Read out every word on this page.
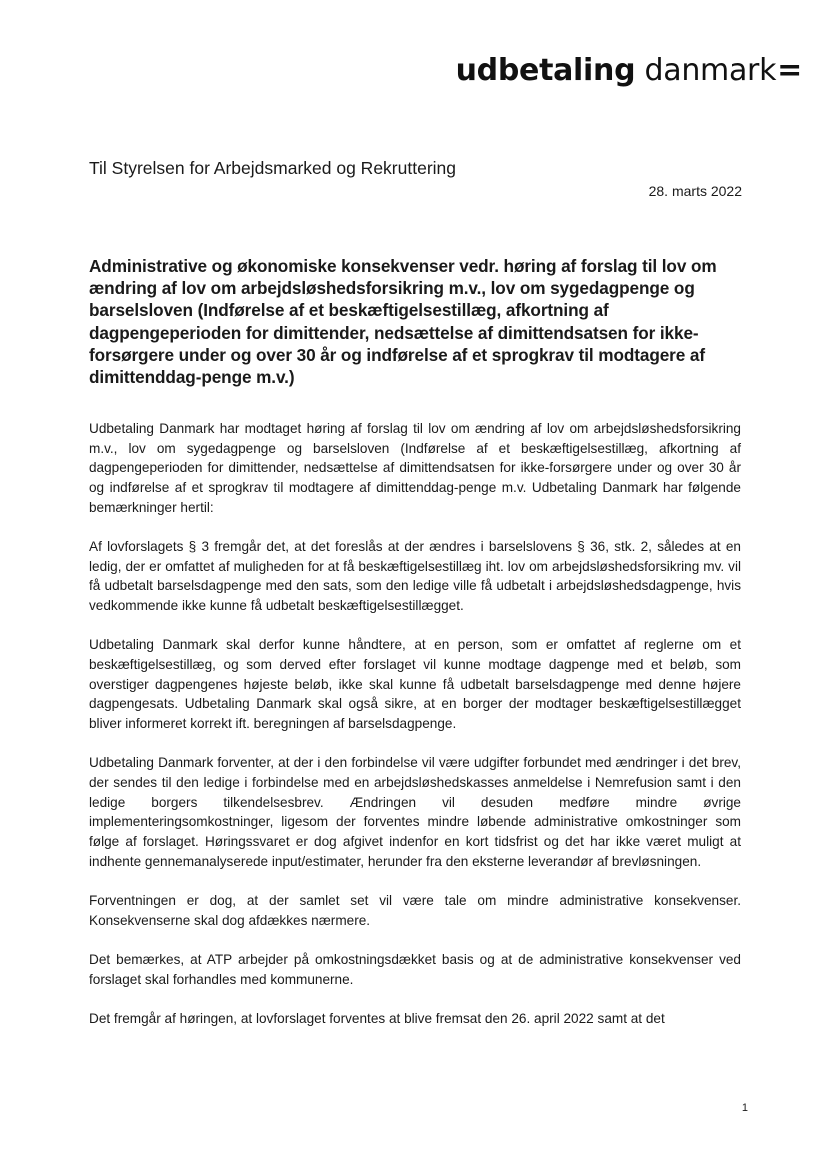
udbetaling danmark=
Til Styrelsen for Arbejdsmarked og Rekruttering
28. marts 2022
Administrative og økonomiske konsekvenser vedr. høring af forslag til lov om ændring af lov om arbejdsløshedsforsikring m.v., lov om sygedagpenge og barselsloven (Indførelse af et beskæftigelsestillæg, afkortning af dagpengeperioden for dimittender, nedsættelse af dimittendsatsen for ikke-forsørgere under og over 30 år og indførelse af et sprogkrav til modtagere af dimittenddag-penge m.v.)

Udbetaling Danmark har modtaget høring af forslag til lov om ændring af lov om arbejdsløshedsforsikring m.v., lov om sygedagpenge og barselsloven (Indførelse af et beskæftigelsestillæg, afkortning af dagpengeperioden for dimittender, nedsættelse af dimittendsatsen for ikke-forsørgere under og over 30 år og indførelse af et sprogkrav til modtagere af dimittenddag-penge m.v. Udbetaling Danmark har følgende bemærkninger hertil:

Af lovforslagets § 3 fremgår det, at det foreslås at der ændres i barselslovens § 36, stk. 2, således at en ledig, der er omfattet af muligheden for at få beskæftigelsestillæg iht. lov om arbejdsløshedsforsikring mv. vil få udbetalt barselsdagpenge med den sats, som den ledige ville få udbetalt i arbejdsløshedsdagpenge, hvis vedkommende ikke kunne få udbetalt beskæftigelsestillægget.

Udbetaling Danmark skal derfor kunne håndtere, at en person, som er omfattet af reglerne om et beskæftigelsestillæg, og som derved efter forslaget vil kunne modtage dagpenge med et beløb, som overstiger dagpengenes højeste beløb, ikke skal kunne få udbetalt barselsdagpenge med denne højere dagpengesats. Udbetaling Danmark skal også sikre, at en borger der modtager beskæftigelsestillægget bliver informeret korrekt ift. beregningen af barselsdagpenge.

Udbetaling Danmark forventer, at der i den forbindelse vil være udgifter forbundet med ændringer i det brev, der sendes til den ledige i forbindelse med en arbejdsløshedskasses anmeldelse i Nemrefusion samt i den ledige borgers tilkendelsesbrev. Ændringen vil desuden medføre mindre øvrige implementeringsomkostninger, ligesom der forventes mindre løbende administrative omkostninger som følge af forslaget. Høringssvaret er dog afgivet indenfor en kort tidsfrist og det har ikke været muligt at indhente gennemanalyserede input/estimater, herunder fra den eksterne leverandør af brevløsningen.

Forventningen er dog, at der samlet set vil være tale om mindre administrative konsekvenser. Konsekvenserne skal dog afdækkes nærmere.

Det bemærkes, at ATP arbejder på omkostningsdækket basis og at de administrative konsekvenser ved forslaget skal forhandles med kommunerne.

Det fremgår af høringen, at lovforslaget forventes at blive fremsat den 26. april 2022 samt at det

1
